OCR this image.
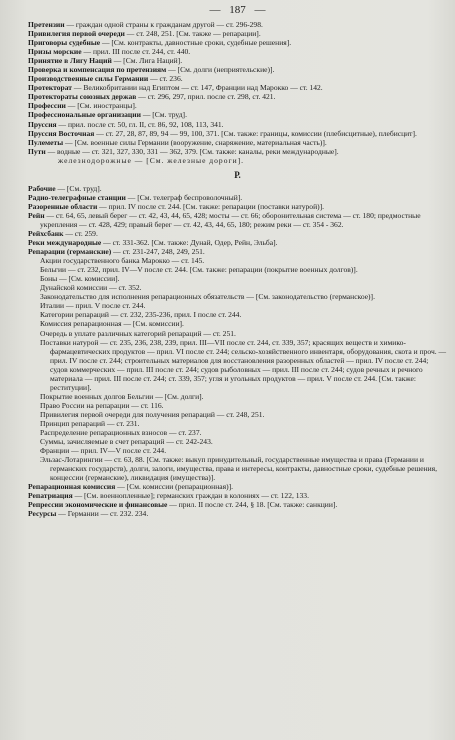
— 187 —
Претензии — граждан одной страны к гражданам другой — ст. 296-298.
Привилегия первой очереди — ст. 248, 251. [См. также — репарации].
Приговоры судебные — [См. контракты, давностные сроки, судебные решения].
Призы морские — прил. III после ст. 244, ст. 440.
Принятие в Лигу Наций — [См. Лига Наций].
Проверка и компенсация по претензиям — [См. долги (неприятельские)].
Производственные силы Германии — ст. 236.
Протекторат — Великобритании над Египтом — ст. 147, Франции над Марокко — ст. 142.
Протектораты союзных держав — ст. 296, 297, прил. после ст. 298, ст. 421.
Профессии — [См. иностранцы].
Профессиональные организации — [См. труд].
Пруссия — прил. после ст. 50, гл. II, ст. 86, 92, 108, 113, 341.
Пруссия Восточная — ст. 27, 28, 87, 89, 94 — 99, 100, 371. [См. также: границы, комиссии (плебисцитные), плебисцит].
Пулеметы — [См. военные силы Германии (вооружение, снаряжение, материальная часть)].
Пути — водные — ст. 321, 327, 330, 331 — 362, 379. [См. также: каналы, реки международные].
железнодорожные — [См. железные дороги].
Р.
Рабочие — [См. труд].
Радио-телеграфные станции — [См. телеграф беспроволочный].
Разоренные области — прил. IV после ст. 244. [См. также: репарации (поставки натурой)].
Рейн — ст. 64, 65, левый берег — ст. 42, 43, 44, 65, 428; мосты — ст. 66; оборонительная система — ст. 180; предмостные укрепления — ст. 428, 429; правый берег — ст. 42, 43, 44, 65, 180; режим реки — ст. 354 - 362.
Рейхсбанк — ст. 259.
Реки международные — ст. 331-362. [См. также: Дунай, Одер, Рейн, Эльба].
Репарации (германские) — ст. 231-247, 248, 249, 251.
Акции государственного банка Марокко — ст. 145.
Бельгии — ст. 232, прил. IV—V после ст. 244. [См. также: репарации (покрытие военных долгов)].
Боны — [См. комиссии].
Дунайской комиссии — ст. 352.
Законодательство для исполнения репарационных обязательств — [См. законодательство (германское)].
Италии — прил. V после ст. 244.
Категории репараций — ст. 232, 235-236, прил. I после ст. 244.
Комиссия репарационная — [См. комиссии].
Очередь в уплате различных категорий репараций — ст. 251.
Поставки натурой — ст. 235, 236, 238, 239, прил. III—VII после ст. 244, ст. 339, 357; красящих веществ и химико-фармацевтических продуктов — прил. VI после ст. 244; сельско-хозяйственного инвентаря, оборудования, скота и проч. — прил. IV после ст. 244; строительных материалов для восстановления разоренных областей — прил. IV после ст. 244; судов коммерческих — прил. III после ст. 244; судов рыболовных — прил. III после ст. 244; судов речных и речного материала — прил. III после ст. 244; ст. 339, 357; угля и угольных продуктов — прил. V после ст. 244. [См. также: реституции].
Покрытие военных долгов Бельгии — [См. долги].
Право России на репарации — ст. 116.
Привилегия первой очереди для получения репараций — ст. 248, 251.
Принцип репараций — ст. 231.
Распределение репарационных взносов — ст. 237.
Суммы, зачисляемые в счет репараций — ст. 242-243.
Франции — прил. IV—V после ст. 244.
Эльзас-Лотарингии — ст. 63, 88. [См. также: выкуп принудительный, государственные имущества и права (Германии и германских государств), долги, залоги, имущества, права и интересы, контракты, давностные сроки, судебные решения, концессии (германские), ликвидация (имущества)].
Репарационная комиссия — [См. комиссии (репарационная)].
Репатриация — [См. военнопленные]; германских граждан в колониях — ст. 122, 133.
Репрессии экономические и финансовые — прил. II после ст. 244, § 18. [См. также: санкции].
Ресурсы — Германии — ст. 232. 234.
